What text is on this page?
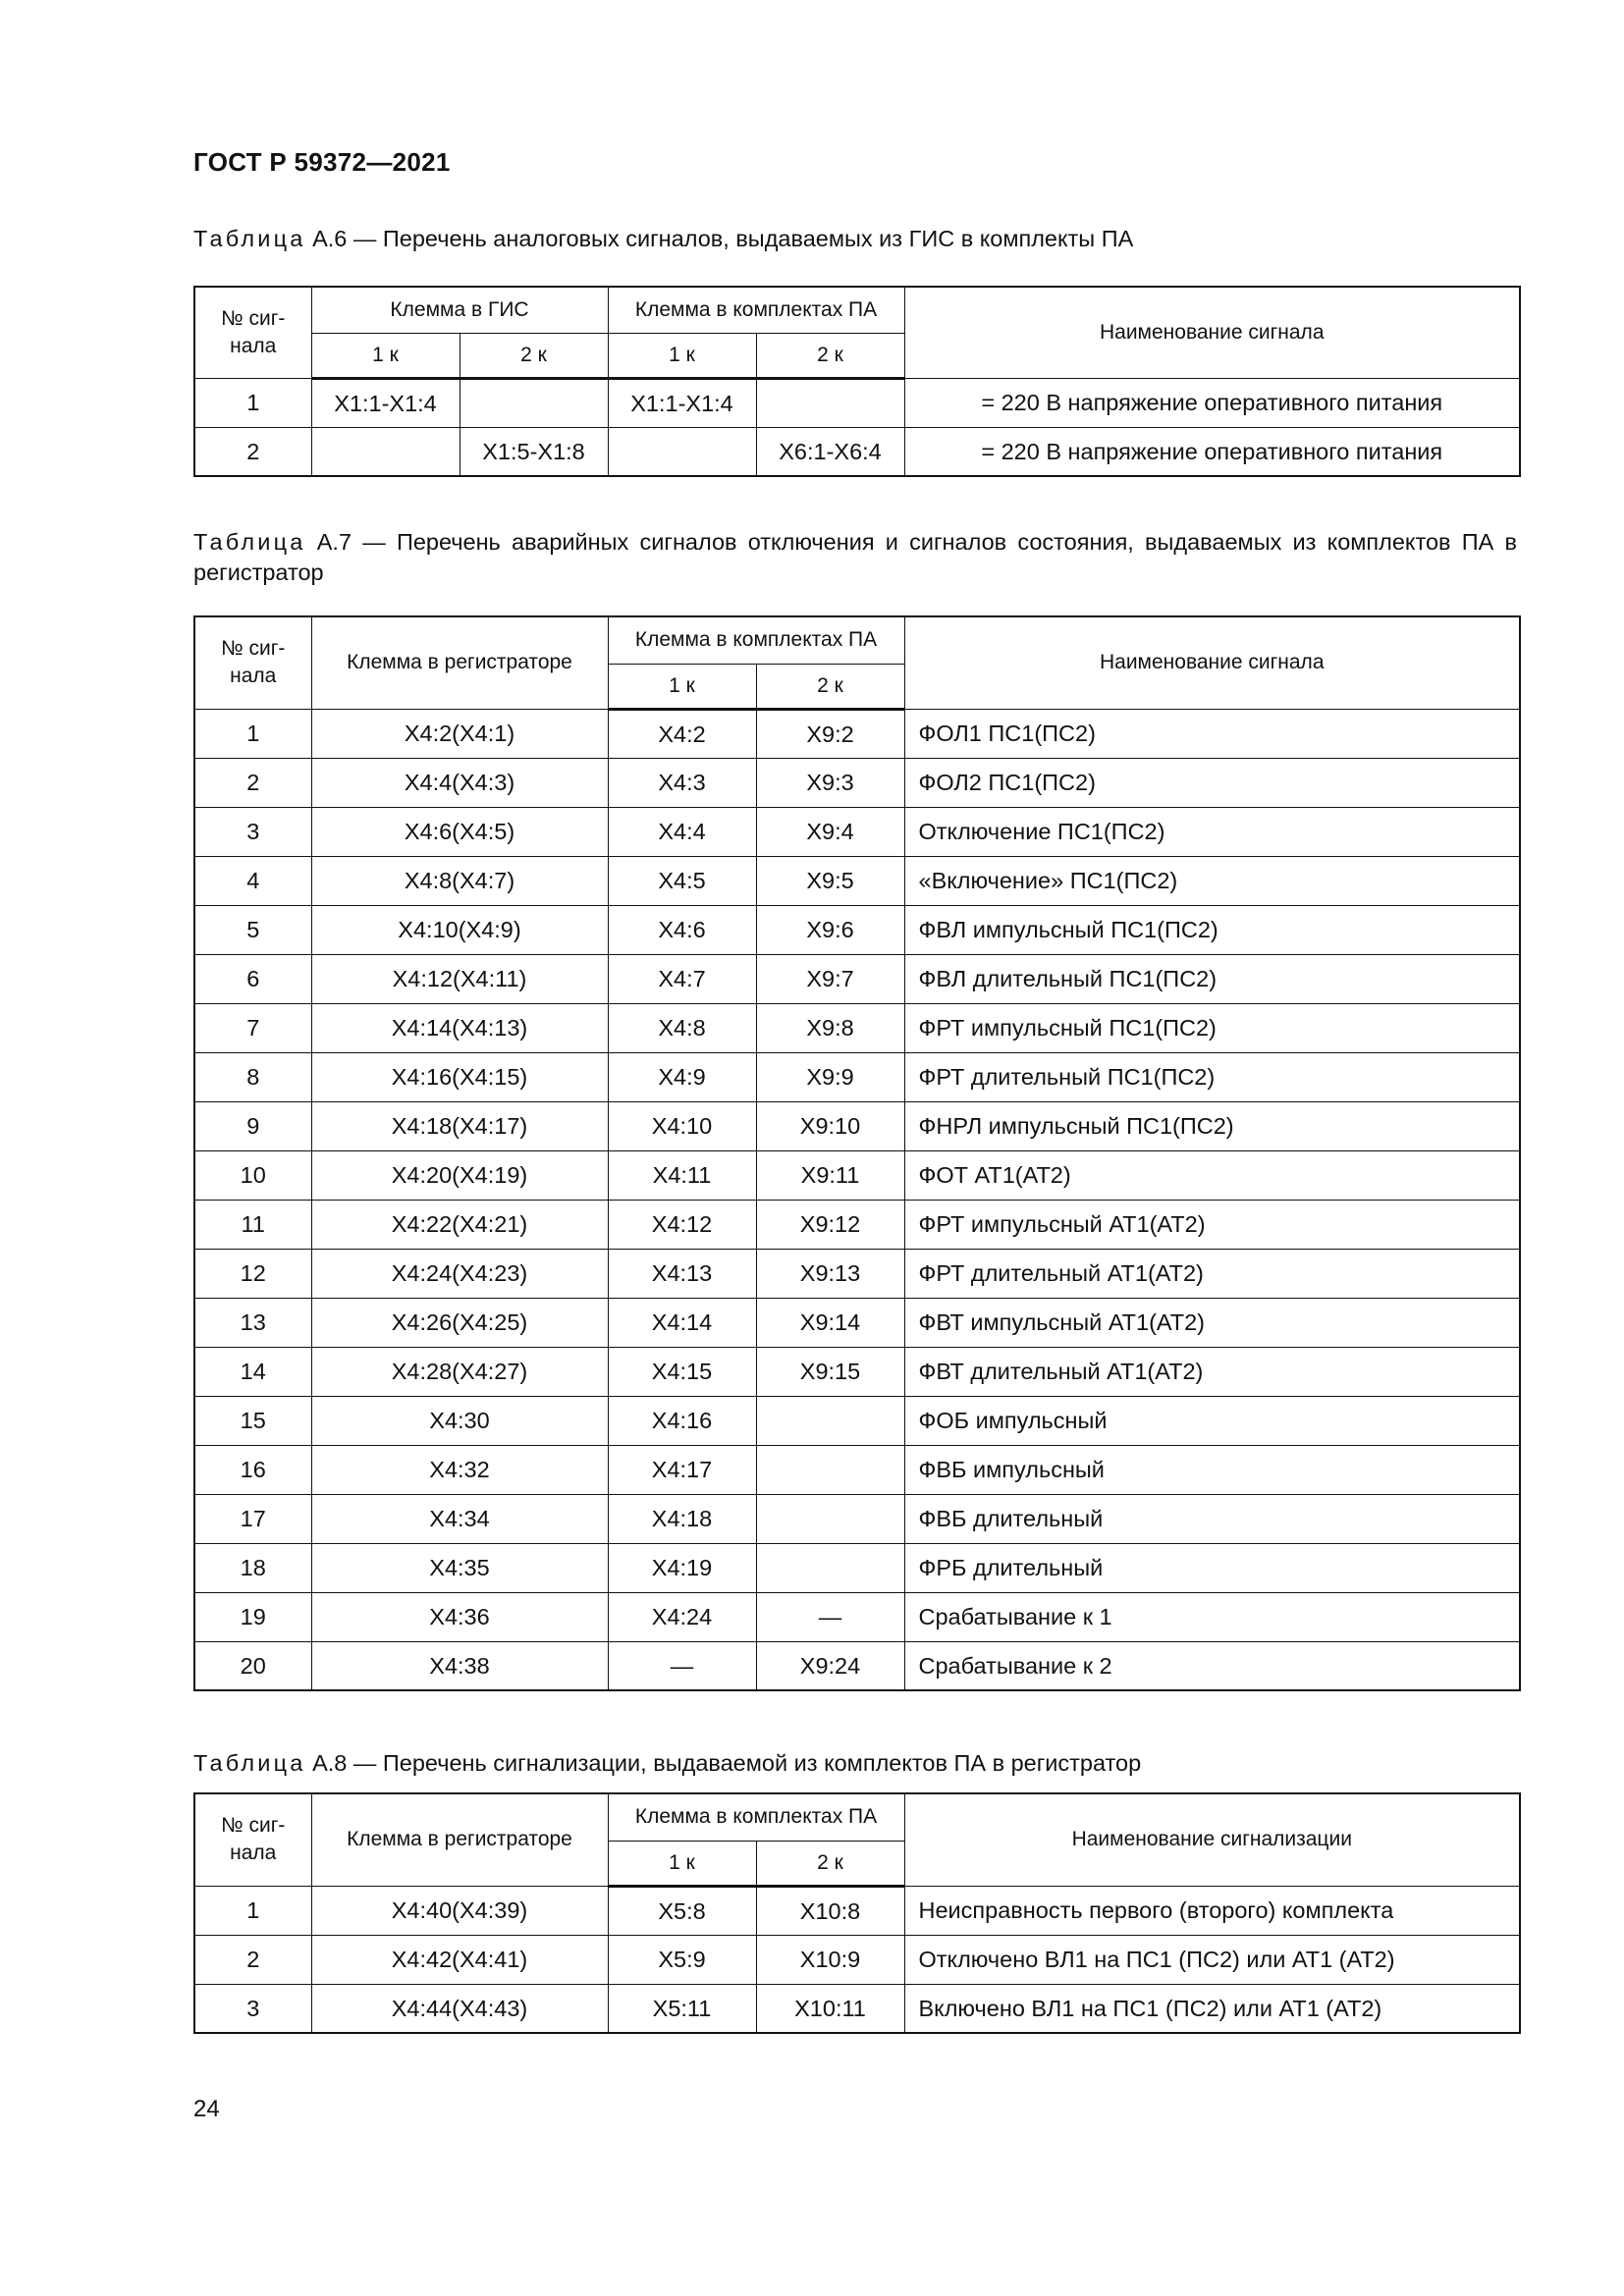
ГОСТ Р 59372—2021
Таблица А.6 — Перечень аналоговых сигналов, выдаваемых из ГИС в комплекты ПА
№ сиг-
нала	Клемма в ГИС		Клемма в комплектах ПА		Наименование сигнала
	1 к	2 к	1 к	2 к	
1	X1:1-X1:4		X1:1-X1:4		= 220 В напряжение оперативного питания
2		X1:5-X1:8		X6:1-X6:4	= 220 В напряжение оперативного питания
Таблица А.7 — Перечень аварийных сигналов отключения и сигналов состояния, выдаваемых из комплектов ПА в регистратор
№ сиг-
нала	Клемма в регистраторе	Клемма в комплектах ПА		Наименование сигнала
		1 к	2 к	
1	X4:2(X4:1)	X4:2	X9:2	ФОЛ1 ПС1(ПС2)
2	X4:4(X4:3)	X4:3	X9:3	ФОЛ2 ПС1(ПС2)
3	X4:6(X4:5)	X4:4	X9:4	Отключение ПС1(ПС2)
4	X4:8(X4:7)	X4:5	X9:5	«Включение» ПС1(ПС2)
5	X4:10(X4:9)	X4:6	X9:6	ФВЛ импульсный ПС1(ПС2)
6	X4:12(X4:11)	X4:7	X9:7	ФВЛ длительный ПС1(ПС2)
7	X4:14(X4:13)	X4:8	X9:8	ФРТ импульсный ПС1(ПС2)
8	X4:16(X4:15)	X4:9	X9:9	ФРТ длительный ПС1(ПС2)
9	X4:18(X4:17)	X4:10	X9:10	ФНРЛ импульсный ПС1(ПС2)
10	X4:20(X4:19)	X4:11	X9:11	ФОТ АТ1(АТ2)
11	X4:22(X4:21)	X4:12	X9:12	ФРТ импульсный АТ1(АТ2)
12	X4:24(X4:23)	X4:13	X9:13	ФРТ длительный АТ1(АТ2)
13	X4:26(X4:25)	X4:14	X9:14	ФВТ импульсный АТ1(АТ2)
14	X4:28(X4:27)	X4:15	X9:15	ФВТ длительный АТ1(АТ2)
15	X4:30	X4:16		ФОБ импульсный
16	X4:32	X4:17		ФВБ импульсный
17	X4:34	X4:18		ФВБ длительный
18	X4:35	X4:19		ФРБ длительный
19	X4:36	X4:24	—	Срабатывание к 1
20	X4:38	—	X9:24	Срабатывание к 2
Таблица А.8 — Перечень сигнализации, выдаваемой из комплектов ПА в регистратор
№ сиг-
нала	Клемма в регистраторе	Клемма в комплектах ПА		Наименование сигнализации
		1 к	2 к	
1	X4:40(X4:39)	X5:8	X10:8	Неисправность первого (второго) комплекта
2	X4:42(X4:41)	X5:9	X10:9	Отключено ВЛ1 на ПС1 (ПС2) или АТ1 (АТ2)
3	X4:44(X4:43)	X5:11	X10:11	Включено ВЛ1 на ПС1 (ПС2) или АТ1 (АТ2)
24
